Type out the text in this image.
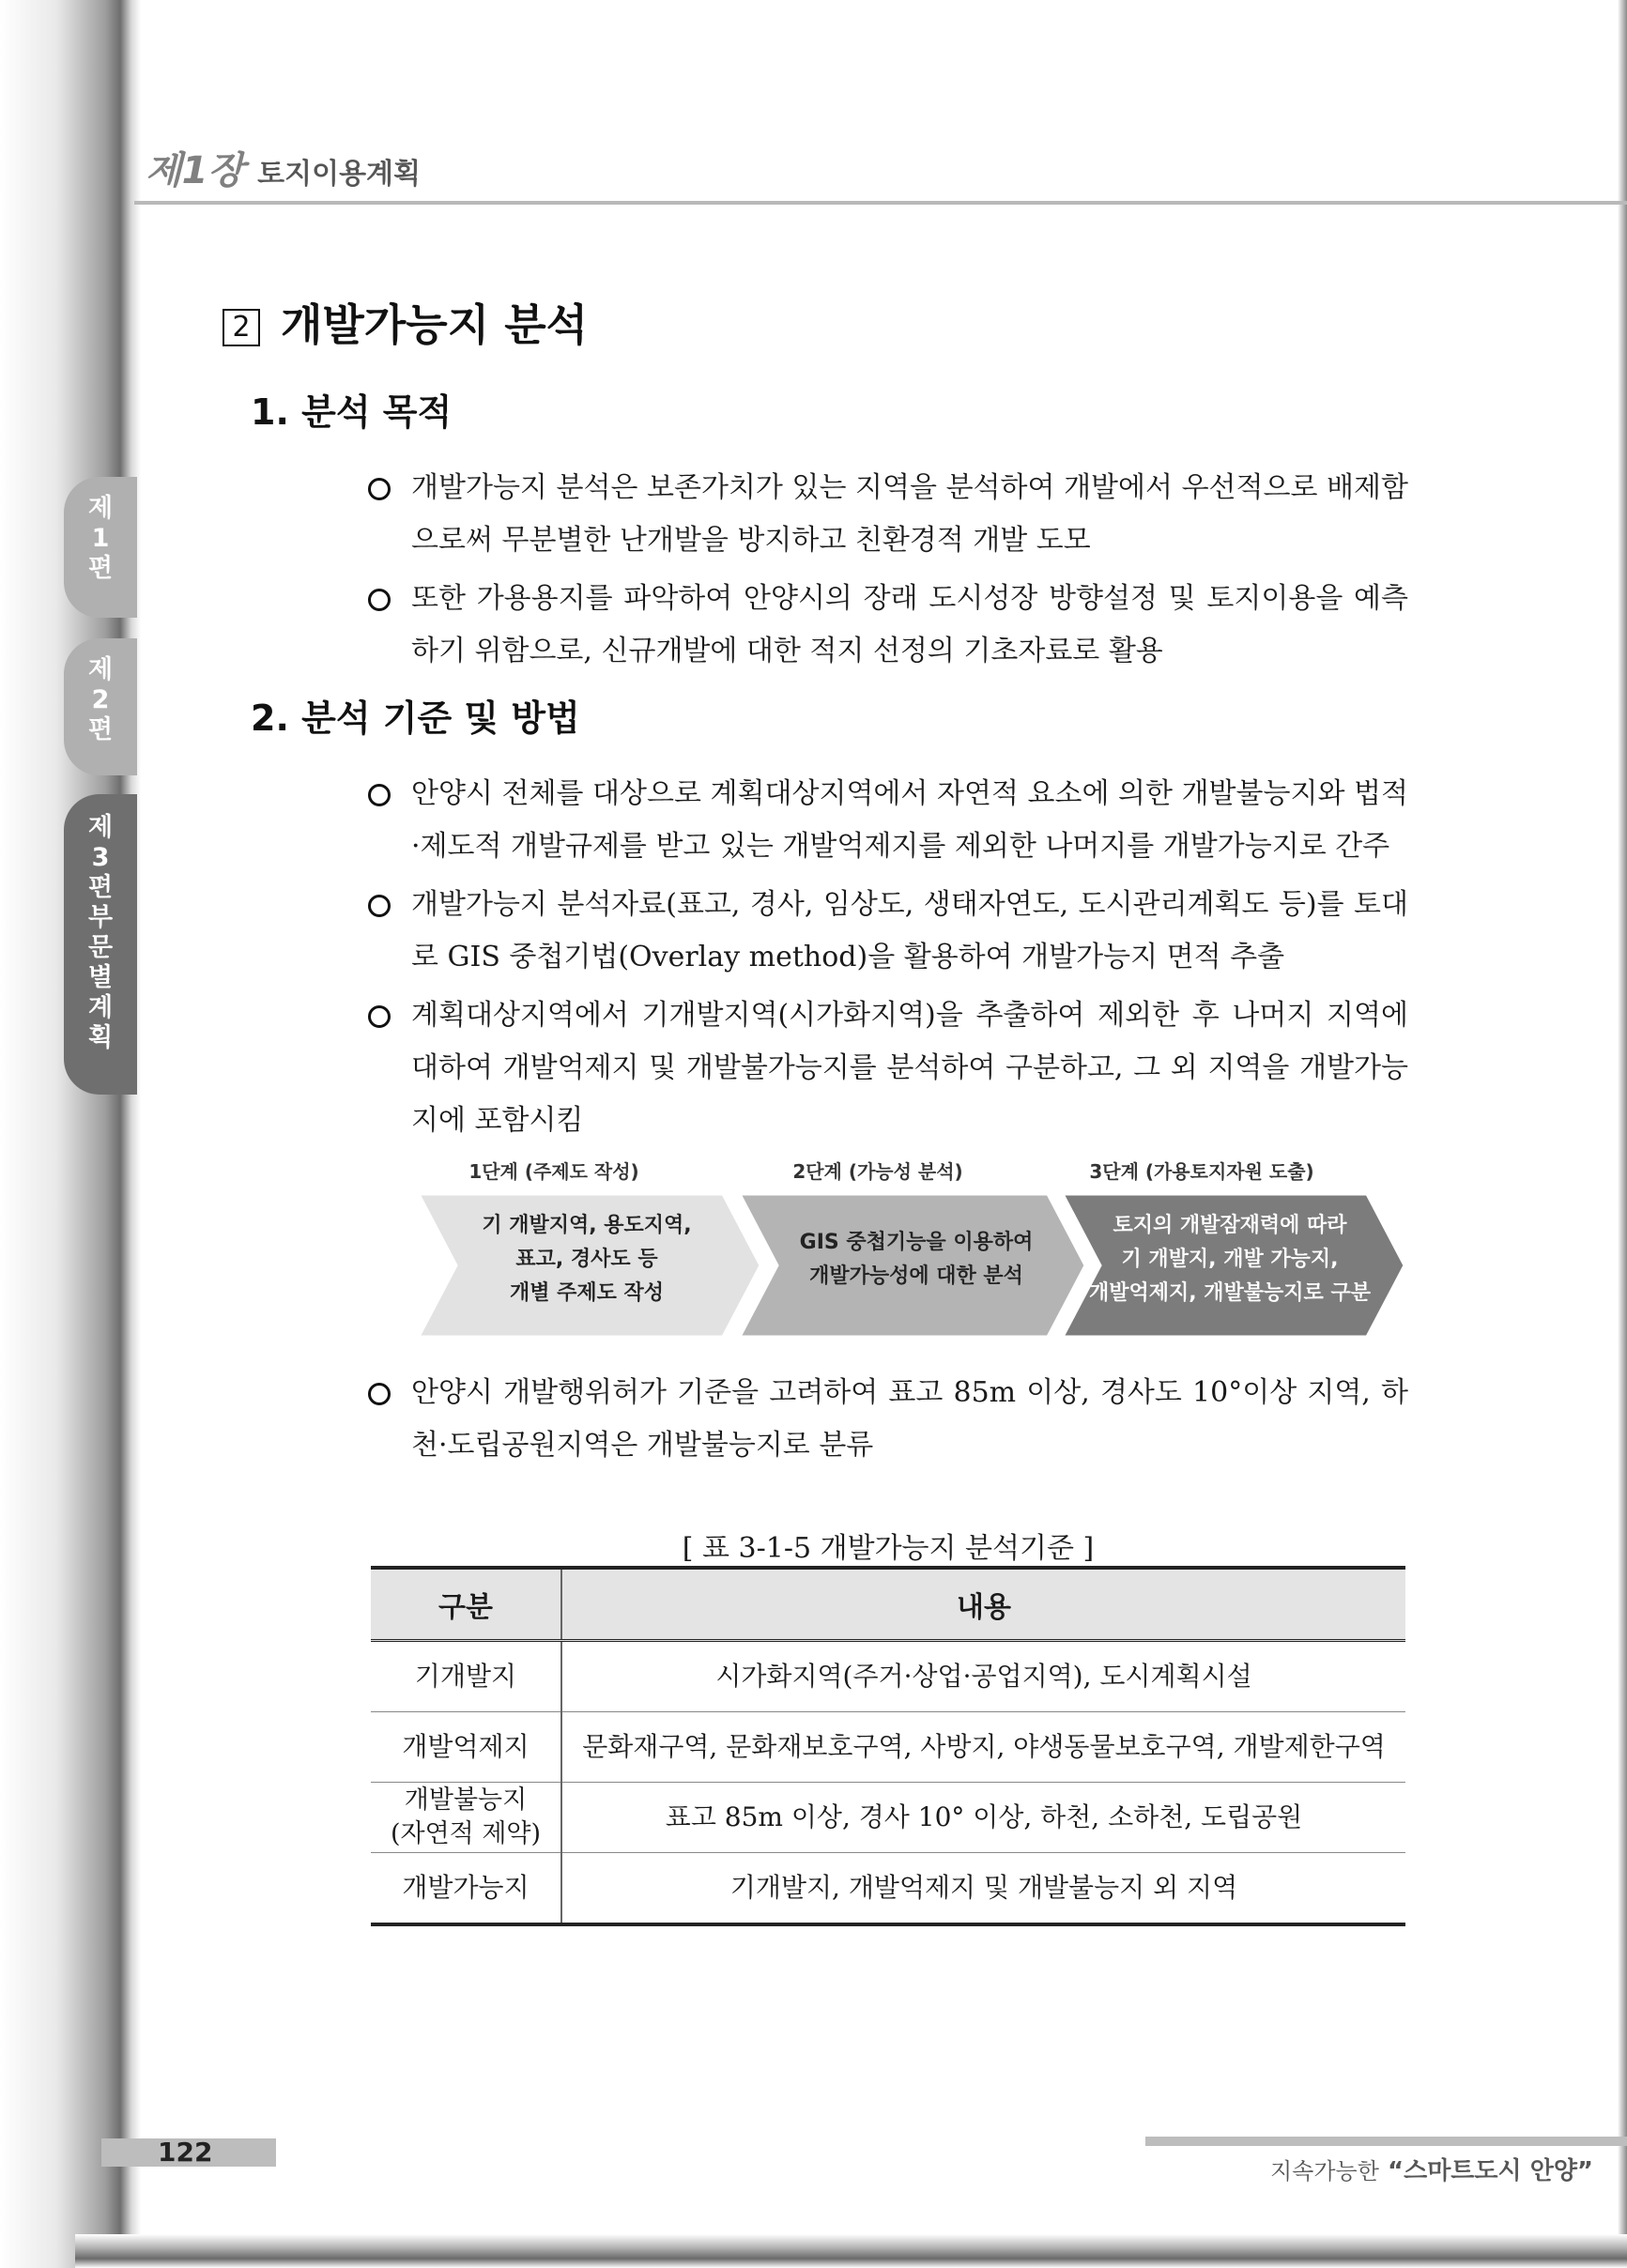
제1장 토지이용계획
제
1
편
제
2
편
제
3
편
부
문
별
계
획
2 개발가능지 분석
1. 분석 목적
개발가능지 분석은 보존가치가 있는 지역을 분석하여 개발에서 우선적으로 배제함으로써 무분별한 난개발을 방지하고 친환경적 개발 도모
또한 가용용지를 파악하여 안양시의 장래 도시성장 방향설정 및 토지이용을 예측하기 위함으로, 신규개발에 대한 적지 선정의 기초자료로 활용
2. 분석 기준 및 방법
안양시 전체를 대상으로 계획대상지역에서 자연적 요소에 의한 개발불능지와 법적·제도적 개발규제를 받고 있는 개발억제지를 제외한 나머지를 개발가능지로 간주
개발가능지 분석자료(표고, 경사, 임상도, 생태자연도, 도시관리계획도 등)를 토대로 GIS 중첩기법(Overlay method)을 활용하여 개발가능지 면적 추출
계획대상지역에서 기개발지역(시가화지역)을 추출하여 제외한 후 나머지 지역에 대하여 개발억제지 및 개발불가능지를 분석하여 구분하고, 그 외 지역을 개발가능지에 포함시킴
1단계 (주제도 작성)	2단계 (가능성 분석)	3단계 (가용토지자원 도출)
기 개발지역, 용도지역,
표고, 경사도 등
개별 주제도 작성
GIS 중첩기능을 이용하여
개발가능성에 대한 분석
토지의 개발잠재력에 따라
기 개발지, 개발 가능지,
개발억제지, 개발불능지로 구분
안양시 개발행위허가 기준을 고려하여 표고 85m 이상, 경사도 10°이상 지역, 하천·도립공원지역은 개발불능지로 분류
[ 표 3-1-5 개발가능지 분석기준 ]
구분	내용
기개발지	시가화지역(주거·상업·공업지역), 도시계획시설
개발억제지	문화재구역, 문화재보호구역, 사방지, 야생동물보호구역, 개발제한구역
개발불능지
(자연적 제약)	표고 85m 이상, 경사 10° 이상, 하천, 소하천, 도립공원
개발가능지	기개발지, 개발억제지 및 개발불능지 외 지역
122
지속가능한 “스마트도시 안양”
